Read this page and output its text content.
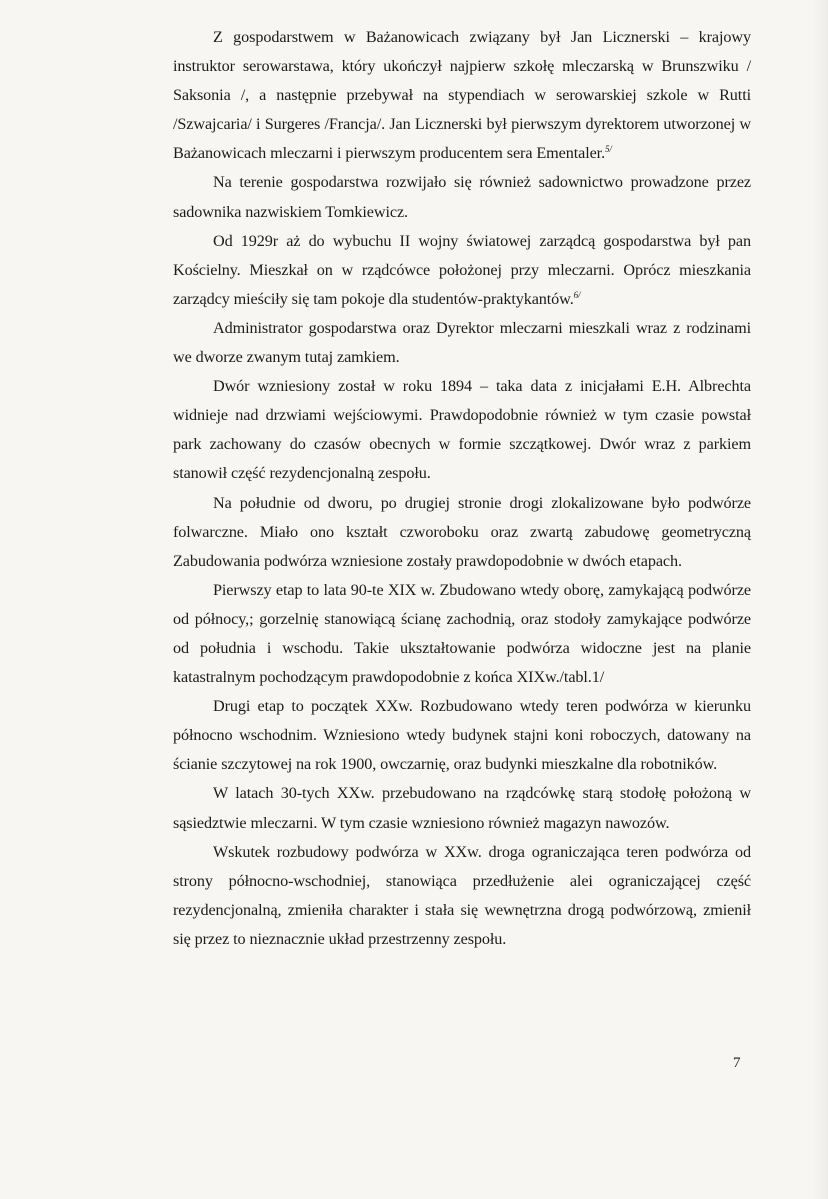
Z gospodarstwem w Bażanowicach związany był Jan Licznerski – krajowy instruktor serowarstawa, który ukończył najpierw szkołę mleczarską w Brunszwiku / Saksonia /, a następnie przebywał na stypendiach w serowarskiej szkole w Rutti /Szwajcaria/ i Surgeres /Francja/. Jan Licznerski był pierwszym dyrektorem utworzonej w Bażanowicach mleczarni i pierwszym producentem sera Ementaler.$^{5/}$

Na terenie gospodarstwa rozwijało się również sadownictwo prowadzone przez sadownika nazwiskiem Tomkiewicz.

Od 1929r aż do wybuchu II wojny światowej zarządcą gospodarstwa był pan Kościelny. Mieszkał on w rządcówce położonej przy mleczarni. Oprócz mieszkania zarządcy mieściły się tam pokoje dla studentów-praktykantów.$^{6/}$

Administrator gospodarstwa oraz Dyrektor mleczarni mieszkali wraz z rodzinami we dworze zwanym tutaj zamkiem.

Dwór wzniesiony został w roku 1894 – taka data z inicjałami E.H. Albrechta widnieje nad drzwiami wejściowymi. Prawdopodobnie również w tym czasie powstał park zachowany do czasów obecnych w formie szczątkowej. Dwór wraz z parkiem stanowił część rezydencjonalną zespołu.

Na południe od dworu, po drugiej stronie drogi zlokalizowane było podwórze folwarczne. Miało ono kształt czworoboku oraz zwartą zabudowę geometryczną Zabudowania podwórza wzniesione zostały prawdopodobnie w dwóch etapach.

Pierwszy etap to lata 90-te XIX w. Zbudowano wtedy oborę, zamykającą podwórze od północy,; gorzelnię stanowiącą ścianę zachodnią, oraz stodoły zamykające podwórze od południa i wschodu. Takie ukształtowanie podwórza widoczne jest na planie katastralnym pochodzącym prawdopodobnie z końca XIXw./tabl.1/

Drugi etap to początek XXw. Rozbudowano wtedy teren podwórza w kierunku północno wschodnim. Wzniesiono wtedy budynek stajni koni roboczych, datowany na ścianie szczytowej na rok 1900, owczarnię, oraz budynki mieszkalne dla robotników.

W latach 30-tych XXw. przebudowano na rządcówkę starą stodołę położoną w sąsiedztwie mleczarni. W tym czasie wzniesiono również magazyn nawozów.

Wskutek rozbudowy podwórza w XXw. droga ograniczająca teren podwórza od strony północno-wschodniej, stanowiąca przedłużenie alei ograniczającej część rezydencjonalną, zmieniła charakter i stała się wewnętrzna drogą podwórzową, zmienił się przez to nieznacznie układ przestrzenny zespołu.

7
